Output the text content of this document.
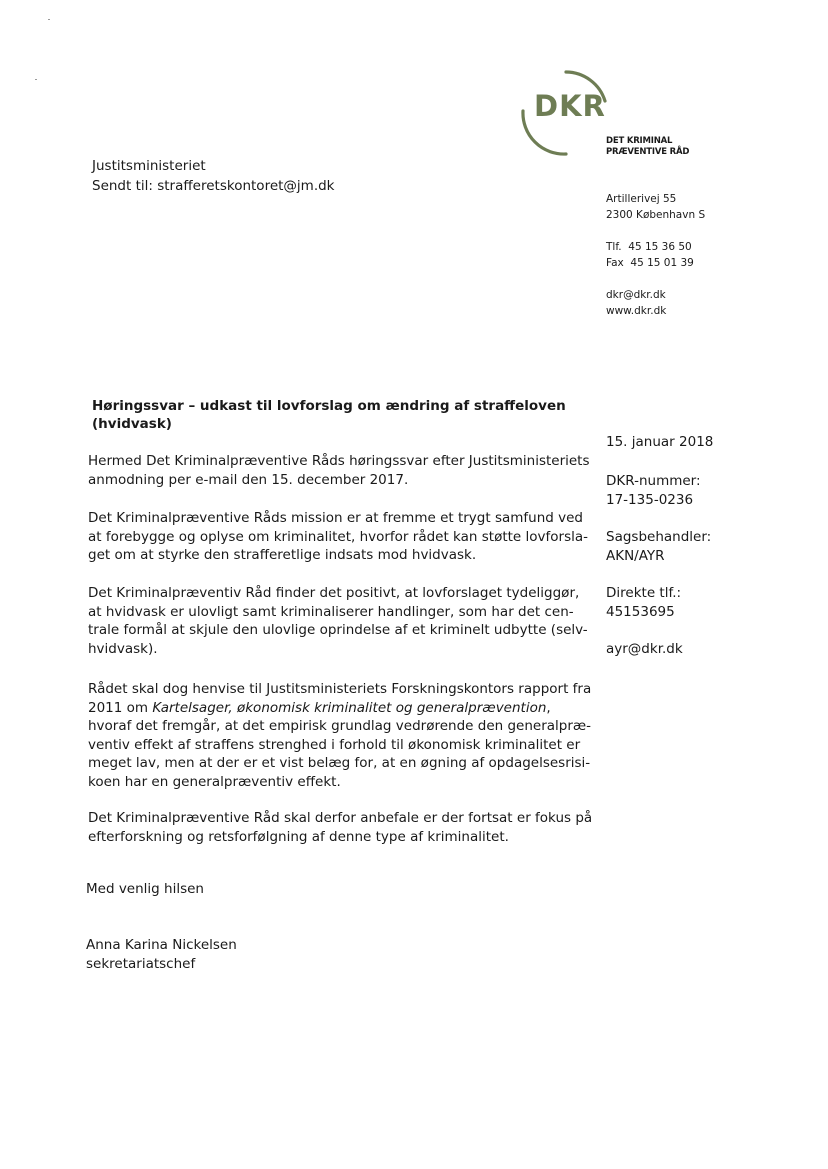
DKR
DET KRIMINAL
PRÆVENTIVE RÅD
Justitsministeriet
Sendt til: strafferetskontoret@jm.dk
Artillerivej 55
2300 København S
Tlf.  45 15 36 50
Fax  45 15 01 39
dkr@dkr.dk
www.dkr.dk
15. januar 2018
DKR-nummer:
17-135-0236
Sagsbehandler:
AKN/AYR
Direkte tlf.:
45153695
ayr@dkr.dk
Høringssvar – udkast til lovforslag om ændring af straffeloven
(hvidvask)
Hermed Det Kriminalpræventive Råds høringssvar efter Justitsministeriets
anmodning per e-mail den 15. december 2017.
Det Kriminalpræventive Råds mission er at fremme et trygt samfund ved
at forebygge og oplyse om kriminalitet, hvorfor rådet kan støtte lovforsla-
get om at styrke den strafferetlige indsats mod hvidvask.
Det Kriminalpræventiv Råd finder det positivt, at lovforslaget tydeliggør,
at hvidvask er ulovligt samt kriminaliserer handlinger, som har det cen-
trale formål at skjule den ulovlige oprindelse af et kriminelt udbytte (selv-
hvidvask).
Rådet skal dog henvise til Justitsministeriets Forskningskontors rapport fra
2011 om Kartelsager, økonomisk kriminalitet og generalprævention,
hvoraf det fremgår, at det empirisk grundlag vedrørende den generalpræ-
ventiv effekt af straffens strenghed i forhold til økonomisk kriminalitet er
meget lav, men at der er et vist belæg for, at en øgning af opdagelsesrisi-
koen har en generalpræventiv effekt.
Det Kriminalpræventive Råd skal derfor anbefale er der fortsat er fokus på
efterforskning og retsforfølgning af denne type af kriminalitet.
Med venlig hilsen
Anna Karina Nickelsen
sekretariatschef
